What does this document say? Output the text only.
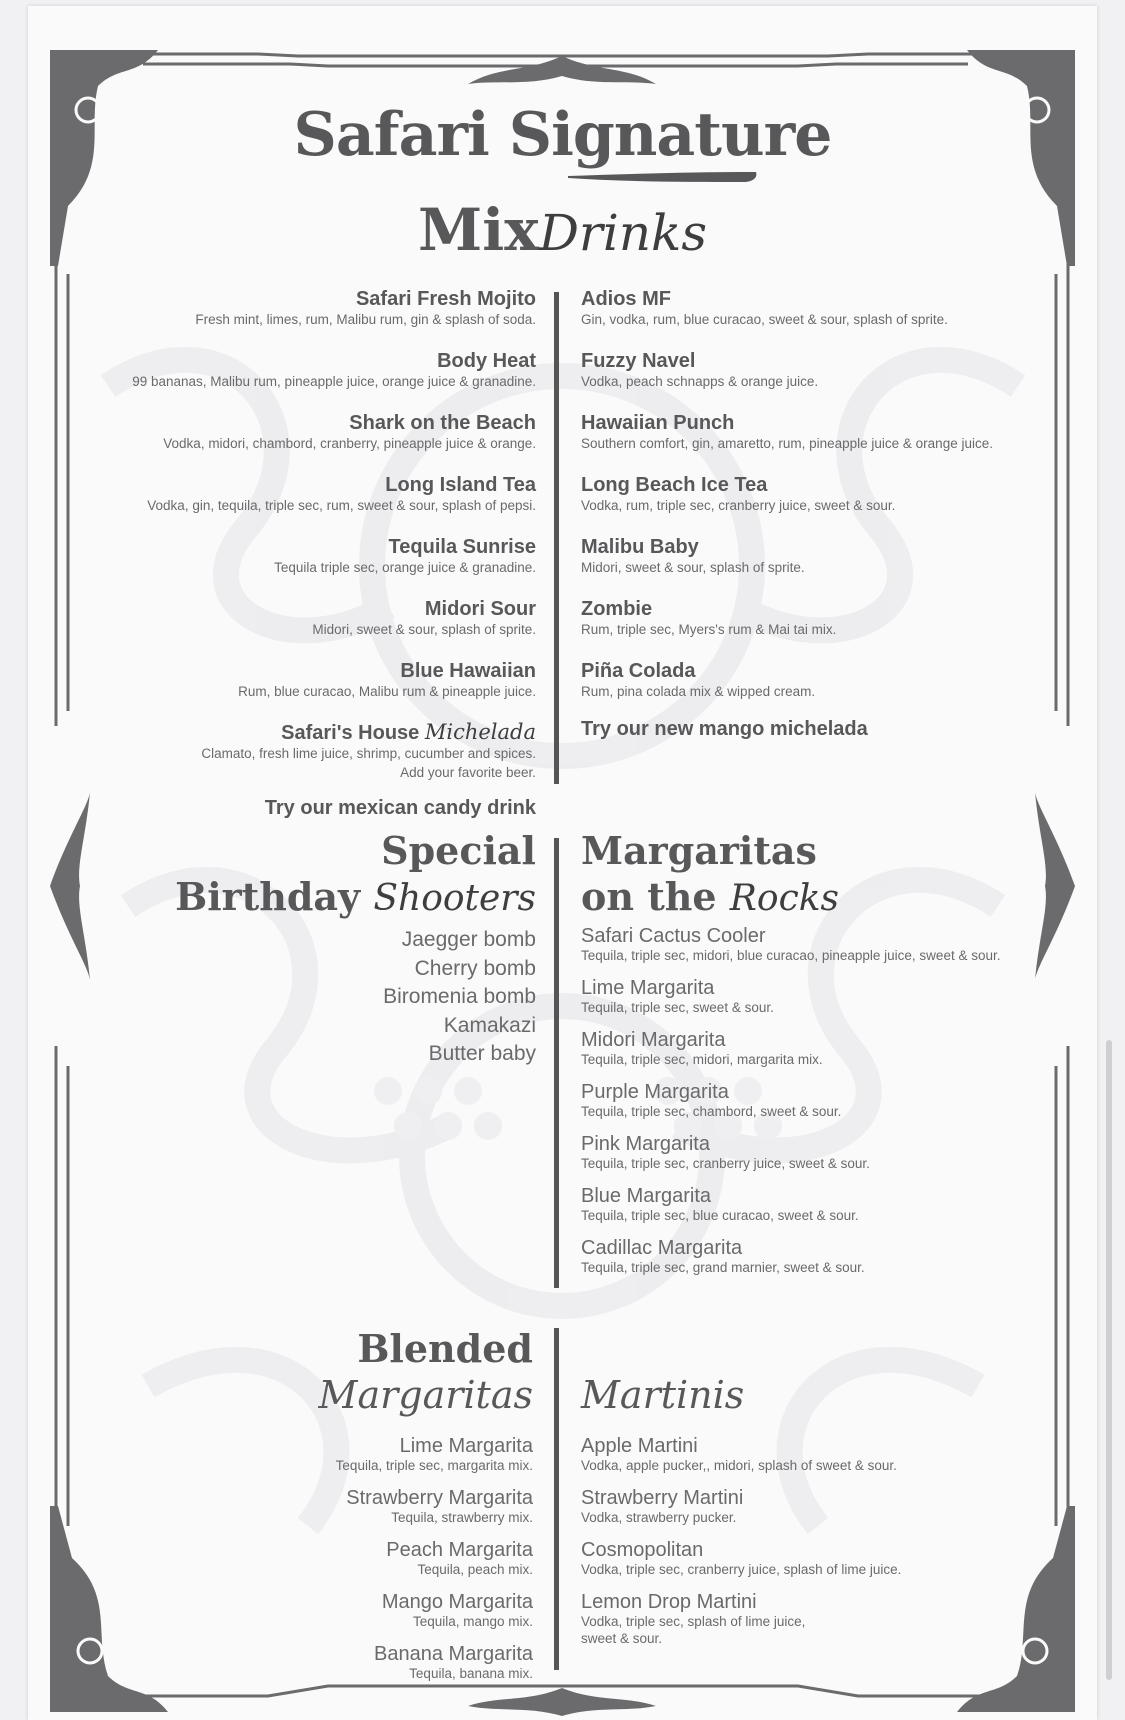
Safari Signature
MixDrinks
Safari Fresh Mojito
Fresh mint, limes, rum, Malibu rum, gin & splash of soda.
Body Heat
99 bananas, Malibu rum, pineapple juice, orange juice & granadine.
Shark on the Beach
Vodka, midori, chambord, cranberry, pineapple juice & orange.
Long Island Tea
Vodka, gin, tequila, triple sec, rum, sweet & sour, splash of pepsi.
Tequila Sunrise
Tequila triple sec, orange juice & granadine.
Midori Sour
Midori, sweet & sour, splash of sprite.
Blue Hawaiian
Rum, blue curacao, Malibu rum & pineapple juice.
Safari's House Michelada
Clamato, fresh lime juice, shrimp, cucumber and spices.
Add your favorite beer.
Try our mexican candy drink
Adios MF
Gin, vodka, rum, blue curacao, sweet & sour, splash of sprite.
Fuzzy Navel
Vodka, peach schnapps & orange juice.
Hawaiian Punch
Southern comfort, gin, amaretto, rum, pineapple juice & orange juice.
Long Beach Ice Tea
Vodka, rum, triple sec, cranberry juice, sweet & sour.
Malibu Baby
Midori, sweet & sour, splash of sprite.
Zombie
Rum, triple sec, Myers's rum & Mai tai mix.
Piña Colada
Rum, pina colada mix & wipped cream.
Try our new mango michelada
Special
Birthday Shooters
Jaegger bomb
Cherry bomb
Biromenia bomb
Kamakazi
Butter baby
Margaritas
on the Rocks
Safari Cactus Cooler
Tequila, triple sec, midori, blue curacao, pineapple juice, sweet & sour.
Lime Margarita
Tequila, triple sec, sweet & sour.
Midori Margarita
Tequila, triple sec, midori, margarita mix.
Purple Margarita
Tequila, triple sec, chambord, sweet & sour.
Pink Margarita
Tequila, triple sec, cranberry juice, sweet & sour.
Blue Margarita
Tequila, triple sec, blue curacao, sweet & sour.
Cadillac Margarita
Tequila, triple sec, grand marnier, sweet & sour.
Blended
Margaritas
Lime Margarita
Tequila, triple sec, margarita mix.
Strawberry Margarita
Tequila, strawberry mix.
Peach Margarita
Tequila, peach mix.
Mango Margarita
Tequila, mango mix.
Banana Margarita
Tequila, banana mix.
Martinis
Apple Martini
Vodka, apple pucker,, midori, splash of sweet & sour.
Strawberry Martini
Vodka, strawberry pucker.
Cosmopolitan
Vodka, triple sec, cranberry juice, splash of lime juice.
Lemon Drop Martini
Vodka, triple sec, splash of lime juice,
sweet & sour.
